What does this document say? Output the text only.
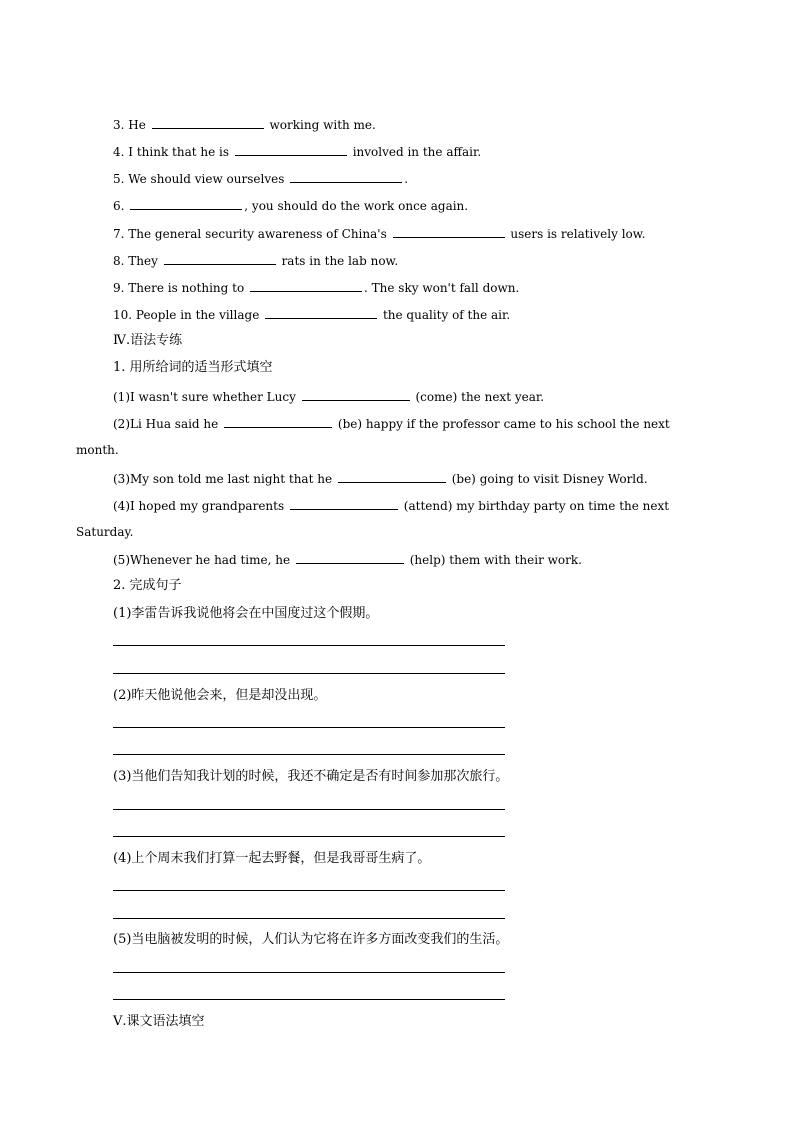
3. He	working with me.
4. I think that he is	involved in the affair.
5. We should view ourselves	.
6.	, you should do the work once again.
7. The general security awareness of China's	users is relatively low.
8. They	rats in the lab now.
9. There is nothing to	. The sky won't fall down.
10. People in the village	the quality of the air.
Ⅳ.语法专练
1. 用所给词的适当形式填空
(1)I wasn't sure whether Lucy	(come) the next year.
(2)Li Hua said he	(be) happy if the professor came to his school the next
month.
(3)My son told me last night that he	(be) going to visit Disney World.
(4)I hoped my grandparents	(attend) my birthday party on time the next
Saturday.
(5)Whenever he had time, he	(help) them with their work.
2. 完成句子
(1)李雷告诉我说他将会在中国度过这个假期。
(2)昨天他说他会来，但是却没出现。
(3)当他们告知我计划的时候，我还不确定是否有时间参加那次旅行。
(4)上个周末我们打算一起去野餐，但是我哥哥生病了。
(5)当电脑被发明的时候，人们认为它将在许多方面改变我们的生活。
Ⅴ.课文语法填空
